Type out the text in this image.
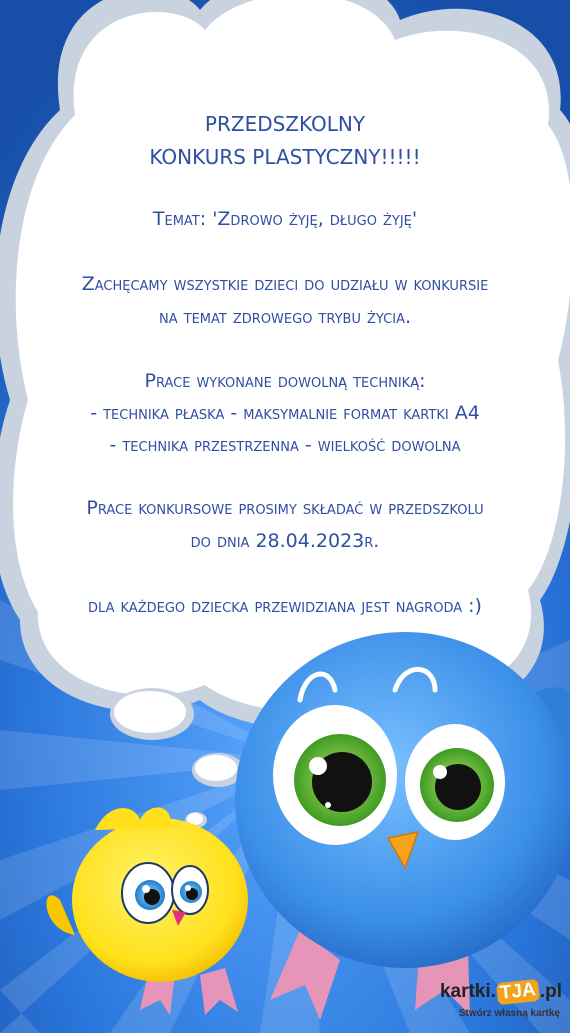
PRZEDSZKOLNY
KONKURS PLASTYCZNY!!!!!
Temat: 'Zdrowo żyję, długo żyję'
Zachęcamy wszystkie dzieci do udziału w konkursie
na temat zdrowego trybu życia.
Prace wykonane dowolną techniką:
- technika płaska - maksymalnie format kartki A4
- technika przestrzenna - wielkość dowolna
Prace konkursowe prosimy składać w przedszkolu
do dnia 28.04.2023r.
dla każdego dziecka przewidziana jest nagroda :)
kartki. TJA .pl
Stwórz własną kartkę
